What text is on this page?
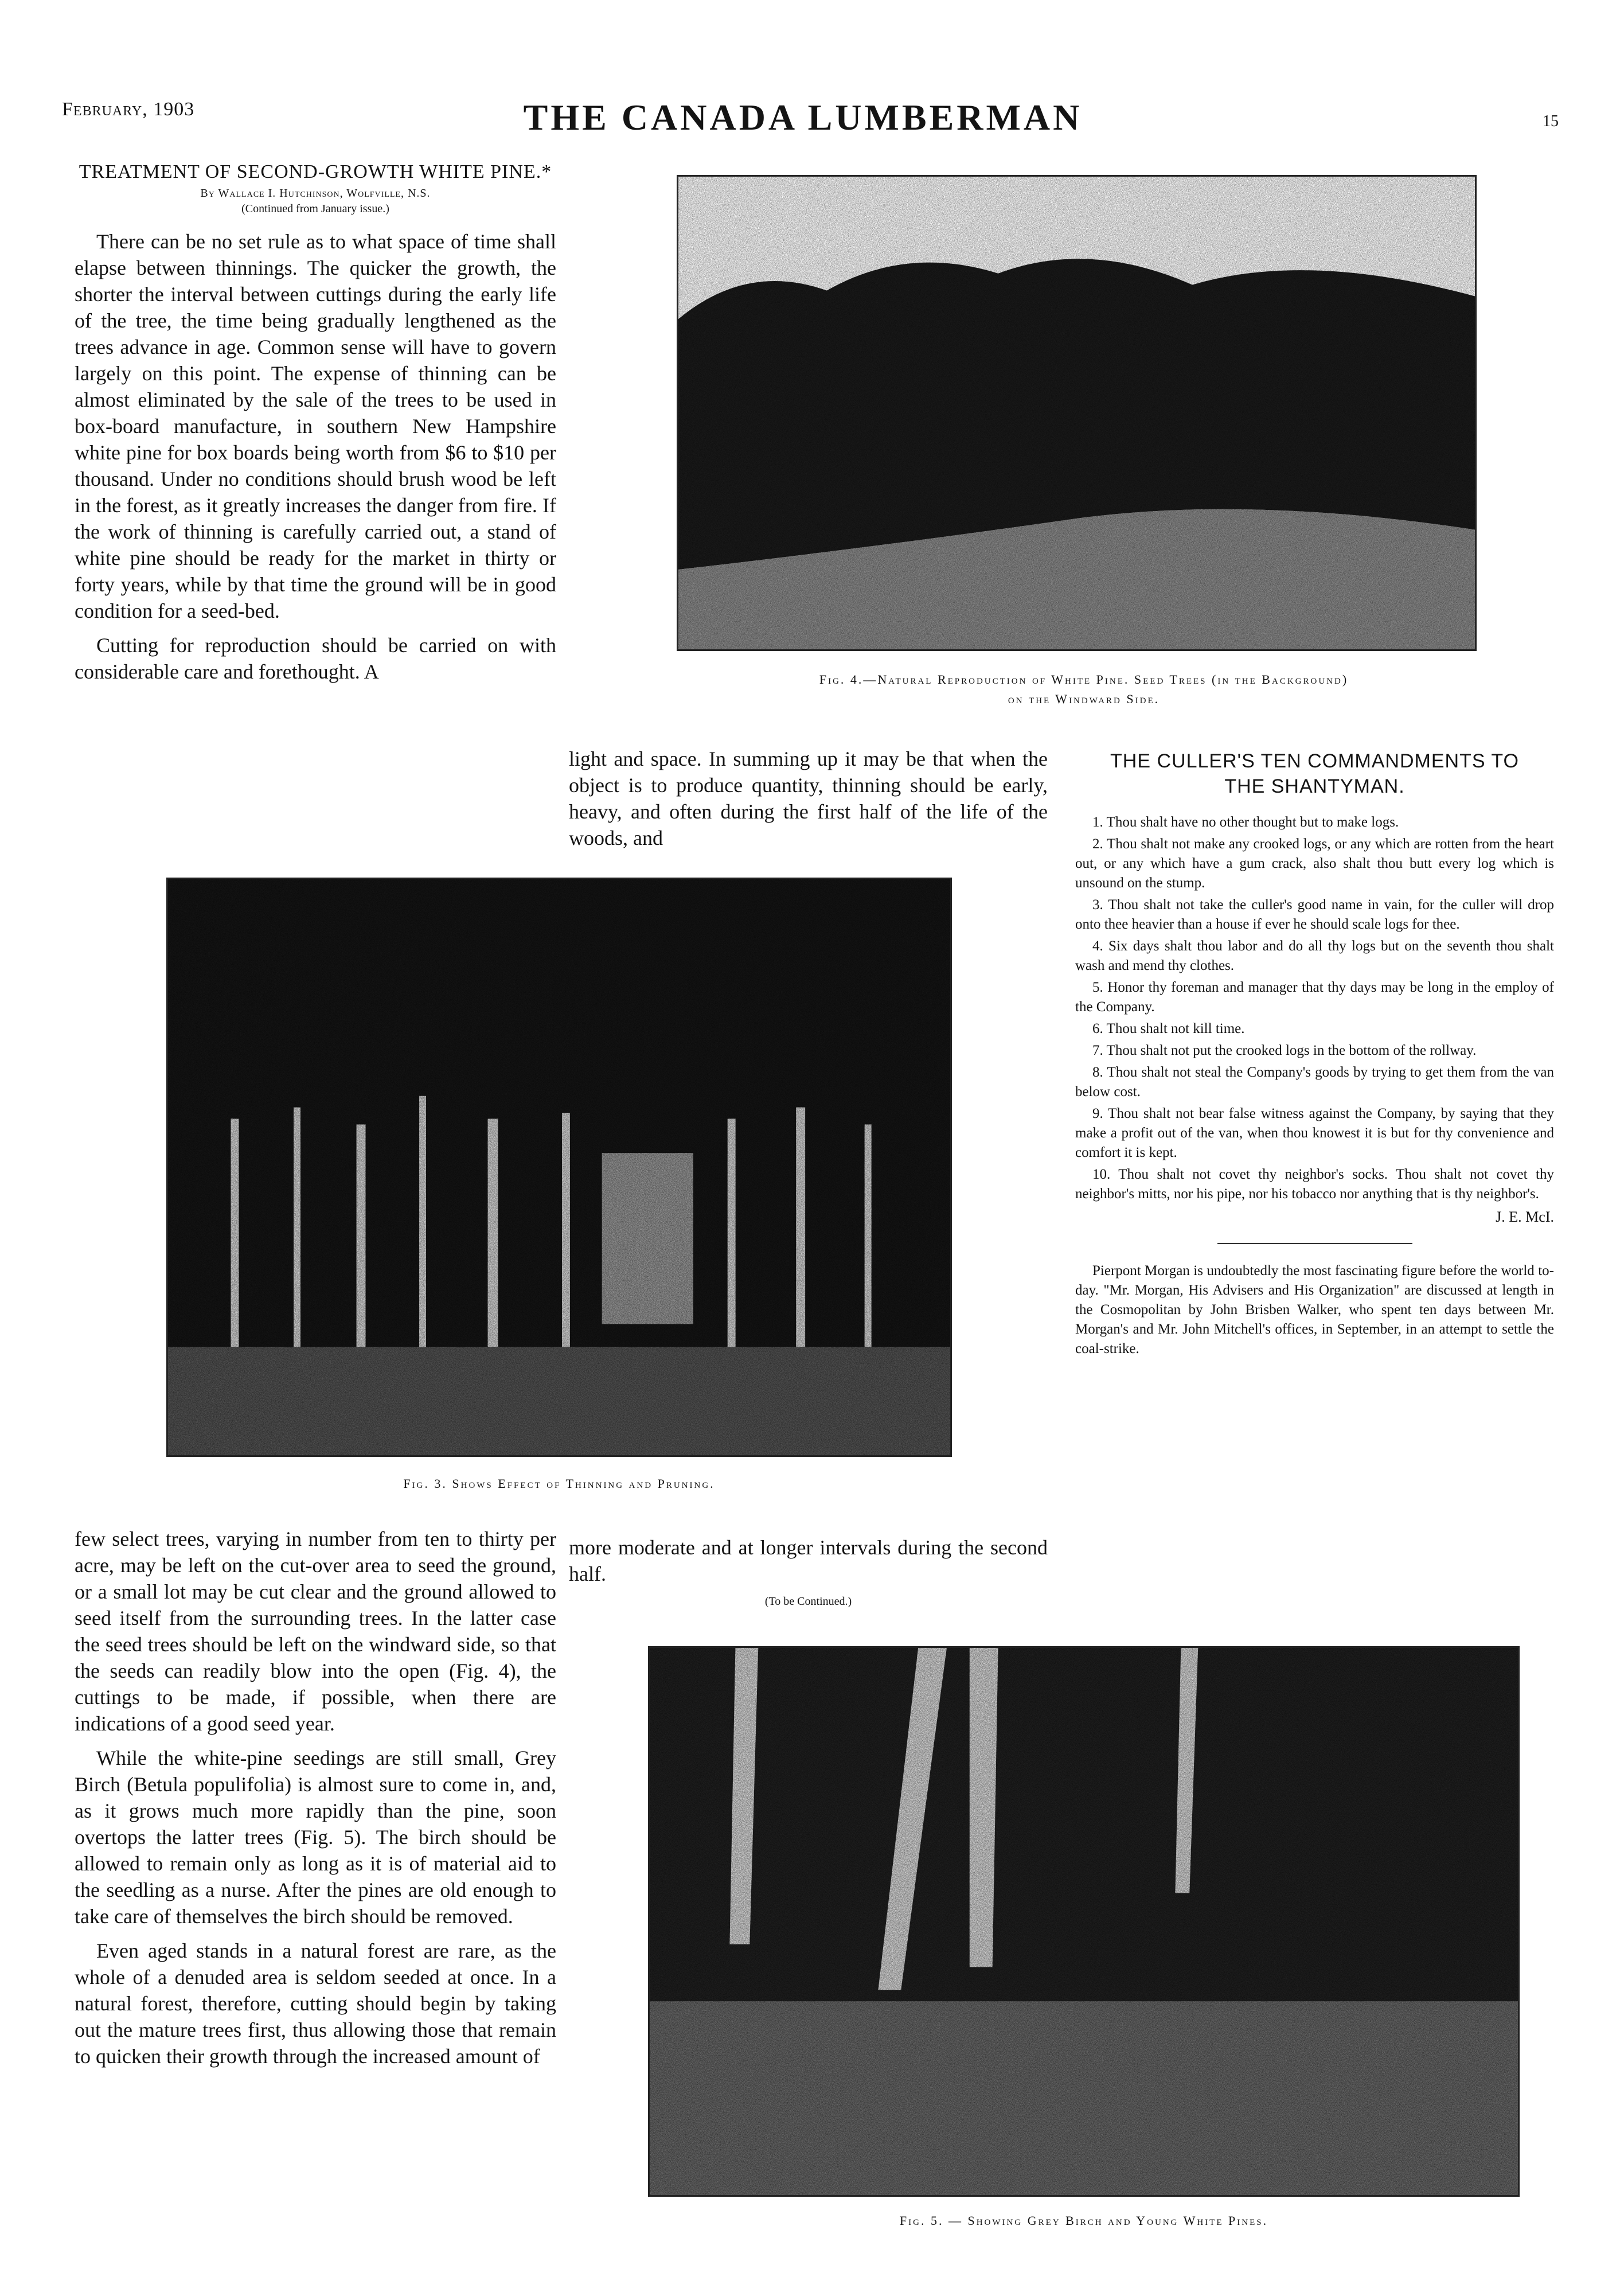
February, 1903	THE CANADA LUMBERMAN	15
TREATMENT OF SECOND-GROWTH WHITE PINE.*
By Wallace I. Hutchinson, Wolfville, N.S.
(Continued from January issue.)

There can be no set rule as to what space of time shall elapse between thinnings. The quicker the growth, the shorter the interval between cuttings during the early life of the tree, the time being gradually lengthened as the trees advance in age. Common sense will have to govern largely on this point. The expense of thinning can be almost eliminated by the sale of the trees to be used in box-board manufacture, in southern New Hampshire white pine for box boards being worth from $6 to $10 per thousand. Under no conditions should brush wood be left in the forest, as it greatly increases the danger from fire. If the work of thinning is carefully carried out, a stand of white pine should be ready for the market in thirty or forty years, while by that time the ground will be in good condition for a seed-bed.

Cutting for reproduction should be carried on with considerable care and forethought. A	Fig. 4.—Natural Reproduction of White Pine. Seed Trees (in the Background)
on the Windward Side.

light and space. In summing up it may be that when the object is to produce quantity, thinning should be early, heavy, and often during the first half of the life of the woods, and

THE CULLER'S TEN COMMANDMENTS TO
THE SHANTYMAN.

1. Thou shalt have no other thought but to make logs.

2. Thou shalt not make any crooked logs, or any which are rotten from the heart out, or any which have a gum crack, also shalt thou butt every log which is unsound on the stump.

3. Thou shalt not take the culler's good name in vain, for the culler will drop onto thee heavier than a house if ever he should scale logs for thee.

4. Six days shalt thou labor and do all thy logs but on the seventh thou shalt wash and mend thy clothes.

5. Honor thy foreman and manager that thy days may be long in the employ of the Company.

6. Thou shalt not kill time.

7. Thou shalt not put the crooked logs in the bottom of the rollway.

8. Thou shalt not steal the Company's goods by trying to get them from the van below cost.

9. Thou shalt not bear false witness against the Company, by saying that they make a profit out of the van, when thou knowest it is but for thy convenience and comfort it is kept.

10. Thou shalt not covet thy neighbor's socks. Thou shalt not covet thy neighbor's mitts, nor his pipe, nor his tobacco nor anything that is thy neighbor's.

J. E. McI.

Pierpont Morgan is undoubtedly the most fascinating figure before the world to-day. "Mr. Morgan, His Advisers and His Organization" are discussed at length in the Cosmopolitan by John Brisben Walker, who spent ten days between Mr. Morgan's and Mr. John Mitchell's offices, in September, in an attempt to settle the coal-strike.

Fig. 3. Shows Effect of Thinning and Pruning.

few select trees, varying in number from ten to thirty per acre, may be left on the cut-over area to seed the ground, or a small lot may be cut clear and the ground allowed to seed itself from the surrounding trees. In the latter case the seed trees should be left on the windward side, so that the seeds can readily blow into the open (Fig. 4), the cuttings to be made, if possible, when there are indications of a good seed year.

While the white-pine seedings are still small, Grey Birch (Betula populifolia) is almost sure to come in, and, as it grows much more rapidly than the pine, soon overtops the latter trees (Fig. 5). The birch should be allowed to remain only as long as it is of material aid to the seedling as a nurse. After the pines are old enough to take care of themselves the birch should be removed.

Even aged stands in a natural forest are rare, as the whole of a denuded area is seldom seeded at once. In a natural forest, therefore, cutting should begin by taking out the mature trees first, thus allowing those that remain to quicken their growth through the increased amount of

more moderate and at longer intervals during the second half.

(To be Continued.)
Fig. 5. — Showing Grey Birch and Young White Pines.
